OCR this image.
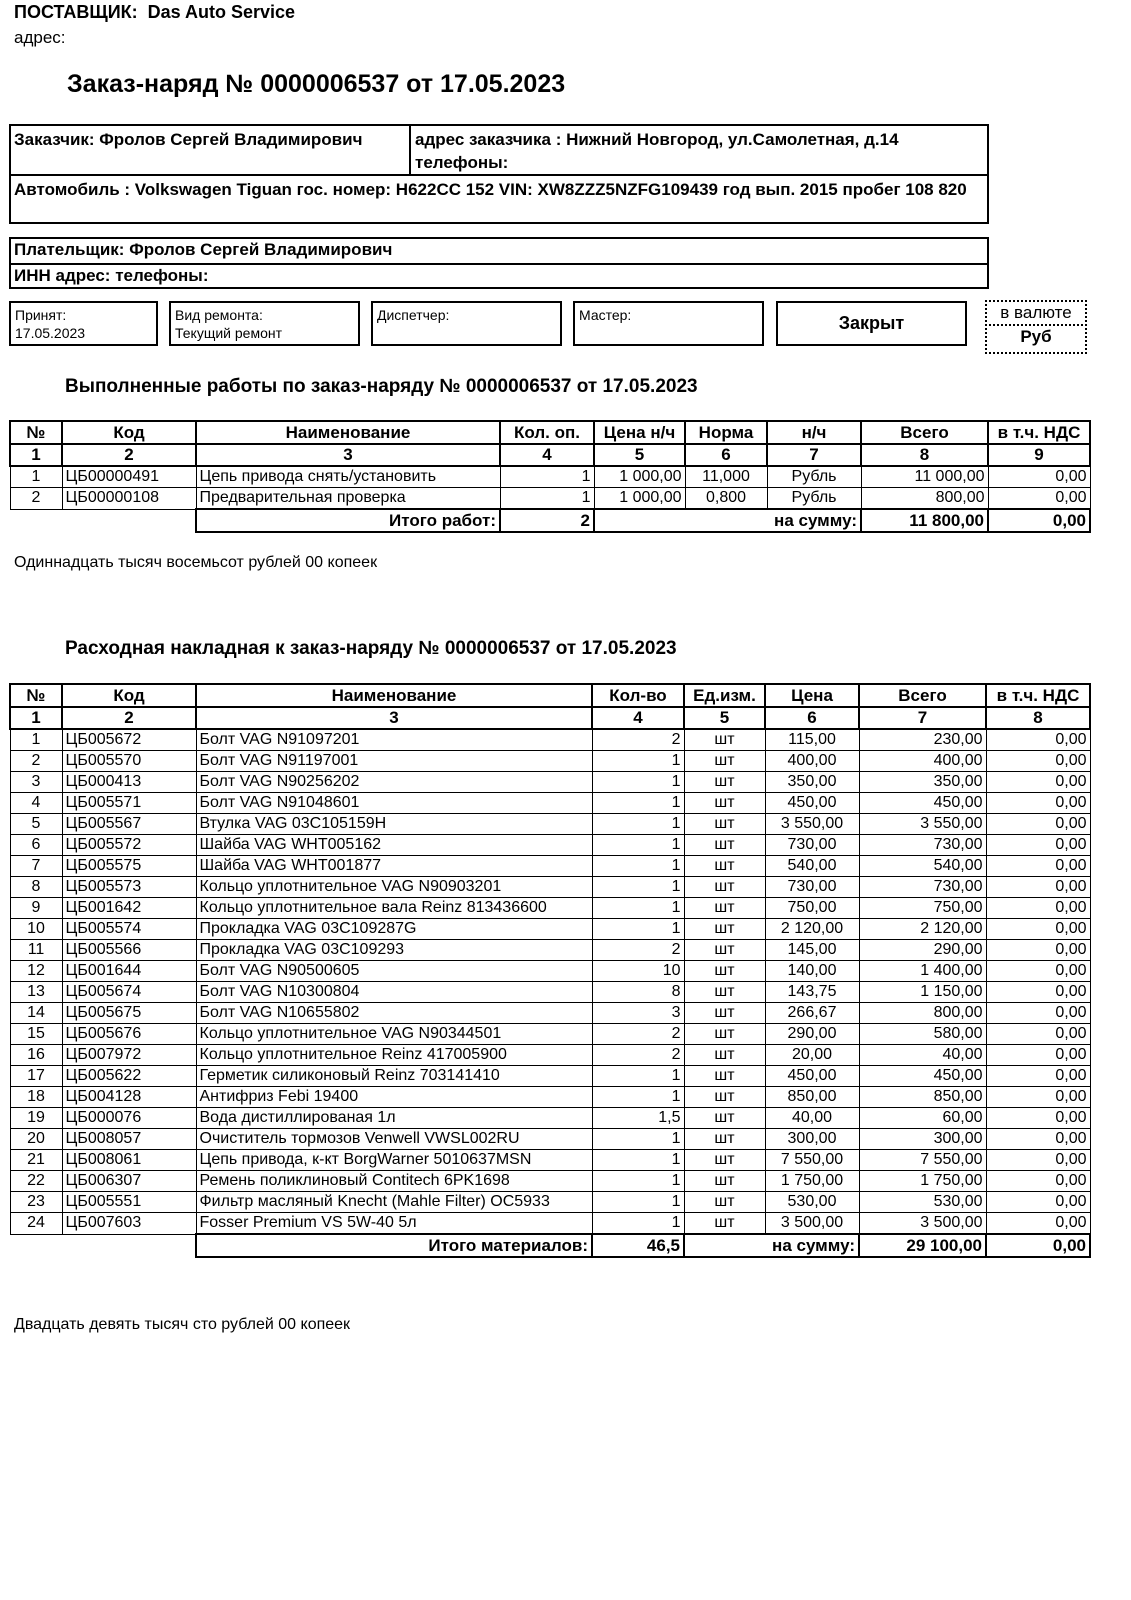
ПОСТАВЩИК: Das Auto Service
адрес:
Заказ-наряд № 0000006537 от 17.05.2023
Заказчик: Фролов Сергей Владимирович	адрес заказчика : Нижний Новгород, ул.Самолетная, д.14
телефоны:
Автомобиль : Volkswagen Tiguan гос. номер: Н622СС 152 VIN: XW8ZZZ5NZFG109439 год вып. 2015 пробег 108 820
Плательщик: Фролов Сергей Владимирович
ИНН адрес: телефоны:
Принят:
17.05.2023
Вид ремонта:
Текущий ремонт
Диспетчер:	Мастер:	Закрыт
в валюте
Руб
Выполненные работы по заказ-наряду № 0000006537 от 17.05.2023
№	Код	Наименование	Кол. оп.	Цена н/ч	Норма	н/ч	Всего	в т.ч. НДС
1	2	3	4	5	6	7	8	9
1	ЦБ00000491	Цепь привода снять/установить	1	1 000,00	11,000	Рубль	11 000,00	0,00
2	ЦБ00000108	Предварительная проверка	1	1 000,00	0,800	Рубль	800,00	0,00
		Итого работ:	2	на сумму:			11 800,00	0,00
Одиннадцать тысяч восемьсот рублей 00 копеек
Расходная накладная к заказ-наряду № 0000006537 от 17.05.2023
№	Код	Наименование	Кол-во	Ед.изм.	Цена	Всего	в т.ч. НДС
1	2	3	4	5	6	7	8
1	ЦБ005672	Болт VAG N91097201	2	шт	115,00	230,00	0,00
2	ЦБ005570	Болт VAG N91197001	1	шт	400,00	400,00	0,00
3	ЦБ000413	Болт VAG N90256202	1	шт	350,00	350,00	0,00
4	ЦБ005571	Болт VAG N91048601	1	шт	450,00	450,00	0,00
5	ЦБ005567	Втулка VAG 03C105159H	1	шт	3 550,00	3 550,00	0,00
6	ЦБ005572	Шайба VAG WHT005162	1	шт	730,00	730,00	0,00
7	ЦБ005575	Шайба VAG WHT001877	1	шт	540,00	540,00	0,00
8	ЦБ005573	Кольцо уплотнительное VAG N90903201	1	шт	730,00	730,00	0,00
9	ЦБ001642	Кольцо уплотнительное вала Reinz 813436600	1	шт	750,00	750,00	0,00
10	ЦБ005574	Прокладка VAG 03C109287G	1	шт	2 120,00	2 120,00	0,00
11	ЦБ005566	Прокладка VAG 03C109293	2	шт	145,00	290,00	0,00
12	ЦБ001644	Болт VAG N90500605	10	шт	140,00	1 400,00	0,00
13	ЦБ005674	Болт VAG N10300804	8	шт	143,75	1 150,00	0,00
14	ЦБ005675	Болт VAG N10655802	3	шт	266,67	800,00	0,00
15	ЦБ005676	Кольцо уплотнительное VAG N90344501	2	шт	290,00	580,00	0,00
16	ЦБ007972	Кольцо уплотнительное Reinz 417005900	2	шт	20,00	40,00	0,00
17	ЦБ005622	Герметик силиконовый Reinz 703141410	1	шт	450,00	450,00	0,00
18	ЦБ004128	Антифриз Febi 19400	1	шт	850,00	850,00	0,00
19	ЦБ000076	Вода дистиллированая 1л	1,5	шт	40,00	60,00	0,00
20	ЦБ008057	Очиститель тормозов Venwell VWSL002RU	1	шт	300,00	300,00	0,00
21	ЦБ008061	Цепь привода, к-кт BorgWarner 5010637MSN	1	шт	7 550,00	7 550,00	0,00
22	ЦБ006307	Ремень поликлиновый Contitech 6PK1698	1	шт	1 750,00	1 750,00	0,00
23	ЦБ005551	Фильтр масляный Knecht (Mahle Filter) OC5933	1	шт	530,00	530,00	0,00
24	ЦБ007603	Fosser Premium VS 5W-40 5л	1	шт	3 500,00	3 500,00	0,00
		Итого материалов:	46,5	на сумму:		29 100,00	0,00
Двадцать девять тысяч сто рублей 00 копеек
